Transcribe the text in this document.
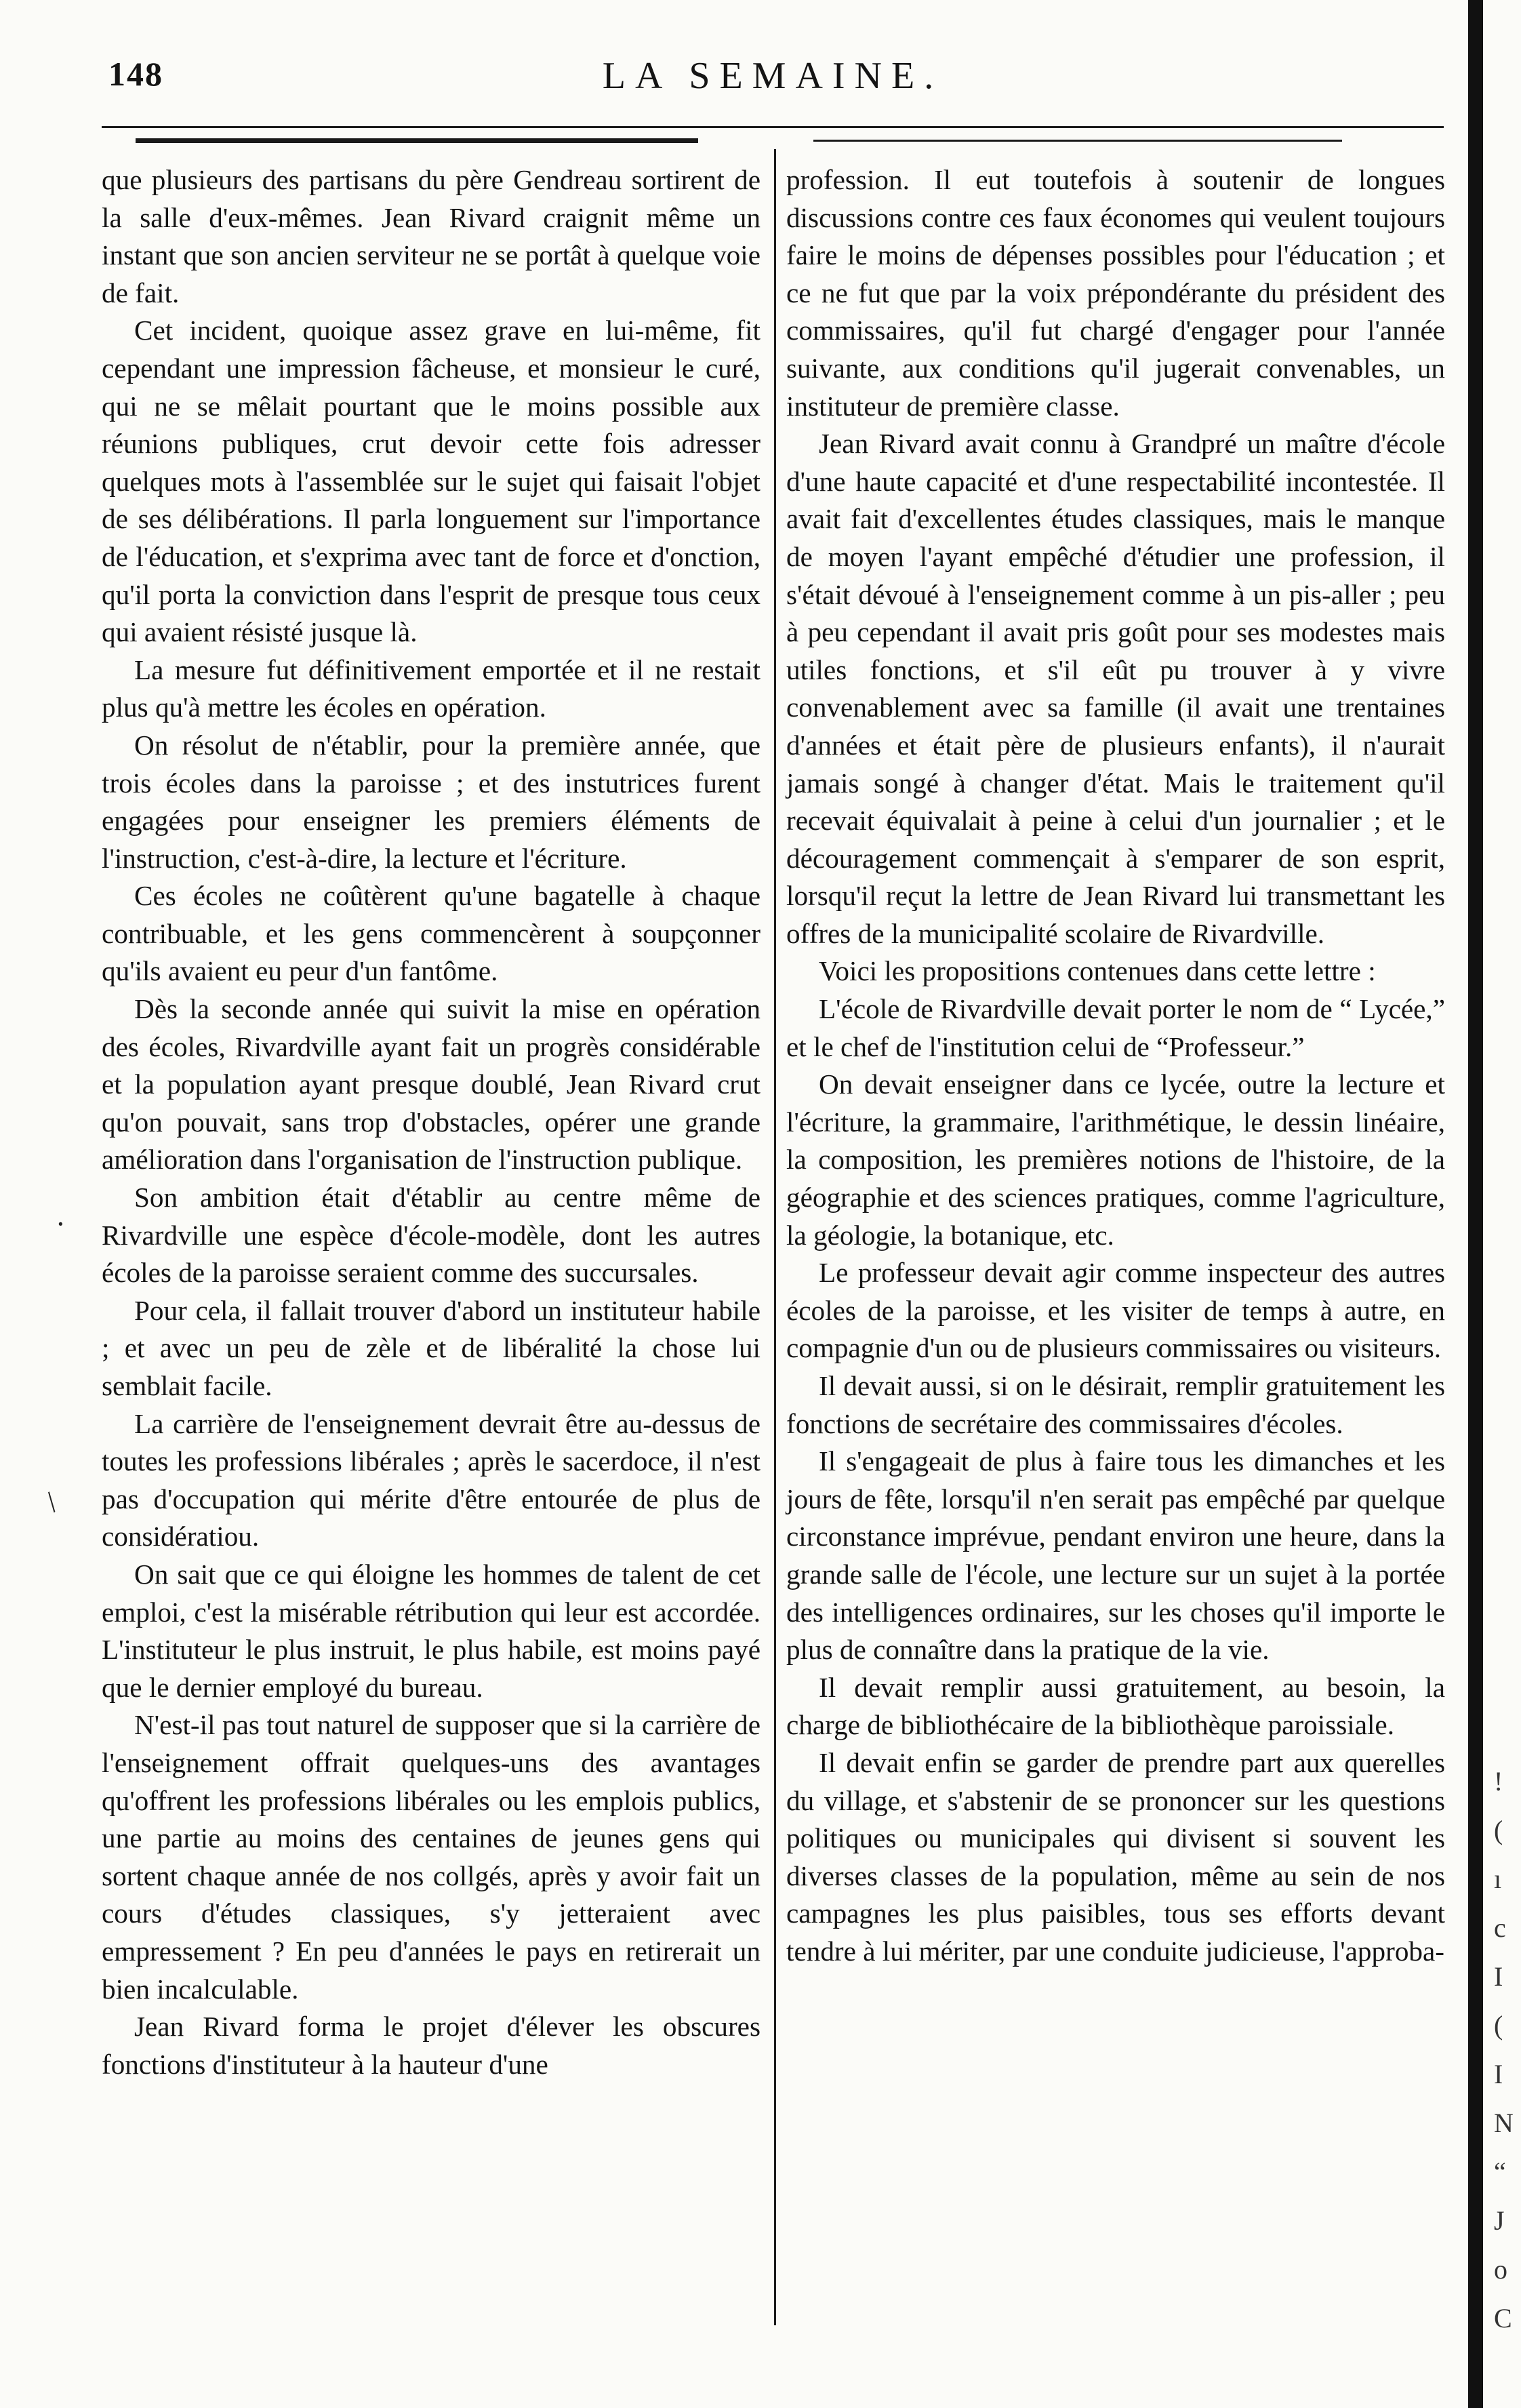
LA SEMAINE.
148

que plusieurs des partisans du père Gendreau sortirent de la salle d'eux-mêmes. Jean Rivard craignit même un instant que son ancien serviteur ne se portât à quelque voie de fait.

Cet incident, quoique assez grave en lui-même, fit cependant une impression fâcheuse, et monsieur le curé, qui ne se mêlait pourtant que le moins possible aux réunions publiques, crut devoir cette fois adresser quelques mots à l'assemblée sur le sujet qui faisait l'objet de ses délibérations. Il parla longuement sur l'importance de l'éducation, et s'exprima avec tant de force et d'onction, qu'il porta la conviction dans l'esprit de presque tous ceux qui avaient résisté jusque là.

La mesure fut définitivement emportée et il ne restait plus qu'à mettre les écoles en opération.

On résolut de n'établir, pour la première année, que trois écoles dans la paroisse ; et des instutrices furent engagées pour enseigner les premiers éléments de l'instruction, c'est-à-dire, la lecture et l'écriture.

Ces écoles ne coûtèrent qu'une bagatelle à chaque contribuable, et les gens commencèrent à soupçonner qu'ils avaient eu peur d'un fantôme.

Dès la seconde année qui suivit la mise en opération des écoles, Rivardville ayant fait un progrès considérable et la population ayant presque doublé, Jean Rivard crut qu'on pouvait, sans trop d'obstacles, opérer une grande amélioration dans l'organisation de l'instruction publique.

Son ambition était d'établir au centre même de Rivardville une espèce d'école-modèle, dont les autres écoles de la paroisse seraient comme des succursales.

Pour cela, il fallait trouver d'abord un instituteur habile ; et avec un peu de zèle et de libéralité la chose lui semblait facile.

La carrière de l'enseignement devrait être au-dessus de toutes les professions libérales ; après le sacerdoce, il n'est pas d'occupation qui mérite d'être entourée de plus de considératiou.

On sait que ce qui éloigne les hommes de talent de cet emploi, c'est la misérable rétribution qui leur est accordée. L'instituteur le plus instruit, le plus habile, est moins payé que le dernier employé du bureau.

N'est-il pas tout naturel de supposer que si la carrière de l'enseignement offrait quelques-uns des avantages qu'offrent les professions libérales ou les emplois publics, une partie au moins des centaines de jeunes gens qui sortent chaque année de nos collgés, après y avoir fait un cours d'études classiques, s'y jetteraient avec empressement ? En peu d'années le pays en retirerait un bien incalculable.

Jean Rivard forma le projet d'élever les obscures fonctions d'instituteur à la hauteur d'une

profession. Il eut toutefois à soutenir de longues discussions contre ces faux économes qui veulent toujours faire le moins de dépenses possibles pour l'éducation ; et ce ne fut que par la voix prépondérante du président des commissaires, qu'il fut chargé d'engager pour l'année suivante, aux conditions qu'il jugerait convenables, un instituteur de première classe.

Jean Rivard avait connu à Grandpré un maître d'école d'une haute capacité et d'une respectabilité incontestée. Il avait fait d'excellentes études classiques, mais le manque de moyen l'ayant empêché d'étudier une profession, il s'était dévoué à l'enseignement comme à un pis-aller ; peu à peu cependant il avait pris goût pour ses modestes mais utiles fonctions, et s'il eût pu trouver à y vivre convenablement avec sa famille (il avait une trentaines d'années et était père de plusieurs enfants), il n'aurait jamais songé à changer d'état. Mais le traitement qu'il recevait équivalait à peine à celui d'un journalier ; et le découragement commençait à s'emparer de son esprit, lorsqu'il reçut la lettre de Jean Rivard lui transmettant les offres de la municipalité scolaire de Rivardville.

Voici les propositions contenues dans cette lettre :

L'école de Rivardville devait porter le nom de “ Lycée,” et le chef de l'institution celui de “Professeur.”

On devait enseigner dans ce lycée, outre la lecture et l'écriture, la grammaire, l'arithmétique, le dessin linéaire, la composition, les premières notions de l'histoire, de la géographie et des sciences pratiques, comme l'agriculture, la géologie, la botanique, etc.

Le professeur devait agir comme inspecteur des autres écoles de la paroisse, et les visiter de temps à autre, en compagnie d'un ou de plusieurs commissaires ou visiteurs.

Il devait aussi, si on le désirait, remplir gratuitement les fonctions de secrétaire des commissaires d'écoles.

Il s'engageait de plus à faire tous les dimanches et les jours de fête, lorsqu'il n'en serait pas empêché par quelque circonstance imprévue, pendant environ une heure, dans la grande salle de l'école, une lecture sur un sujet à la portée des intelligences ordinaires, sur les choses qu'il importe le plus de connaître dans la pratique de la vie.

Il devait remplir aussi gratuitement, au besoin, la charge de bibliothécaire de la bibliothèque paroissiale.

Il devait enfin se garder de prendre part aux querelles du village, et s'abstenir de se prononcer sur les questions politiques ou municipales qui divisent si souvent les diverses classes de la population, même au sein de nos campagnes les plus paisibles, tous ses efforts devant tendre à lui mériter, par une conduite judicieuse, l'approba-

·
/
!
(
ı
c
I
(
I
N
“
J
o
C
